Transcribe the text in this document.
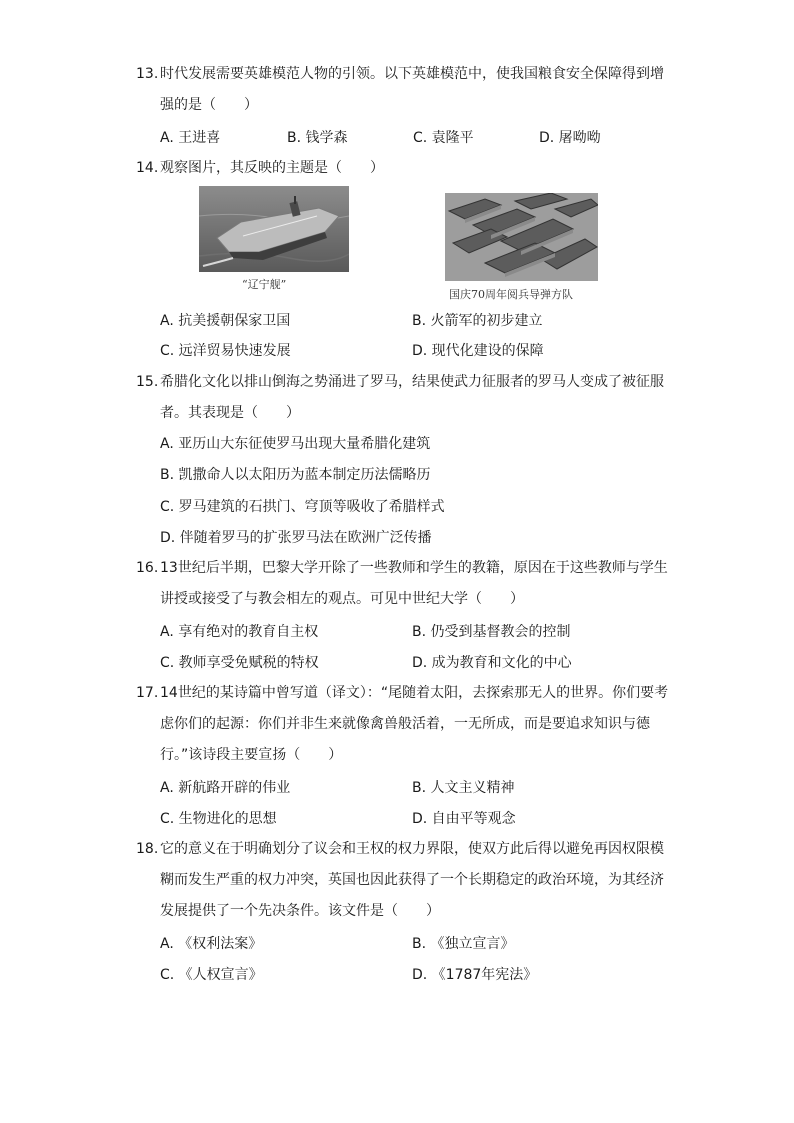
13. 时代发展需要英雄模范人物的引领。以下英雄模范中，使我国粮食安全保障得到增强的是（　　）
A. 王进喜	B. 钱学森	C. 袁隆平	D. 屠呦呦
14. 观察图片，其反映的主题是（　　）
“辽宁舰”
国庆70周年阅兵导弹方队
A. 抗美援朝保家卫国	B. 火箭军的初步建立
C. 远洋贸易快速发展	D. 现代化建设的保障
15. 希腊化文化以排山倒海之势涌进了罗马，结果使武力征服者的罗马人变成了被征服者。其表现是（　　）
A. 亚历山大东征使罗马出现大量希腊化建筑
B. 凯撒命人以太阳历为蓝本制定历法儒略历
C. 罗马建筑的石拱门、穹顶等吸收了希腊样式
D. 伴随着罗马的扩张罗马法在欧洲广泛传播
16. 13世纪后半期，巴黎大学开除了一些教师和学生的教籍，原因在于这些教师与学生讲授或接受了与教会相左的观点。可见中世纪大学（　　）
A. 享有绝对的教育自主权	B. 仍受到基督教会的控制
C. 教师享受免赋税的特权	D. 成为教育和文化的中心
17. 14世纪的某诗篇中曾写道（译文）：“尾随着太阳，去探索那无人的世界。你们要考虑你们的起源：你们并非生来就像禽兽般活着，一无所成，而是要追求知识与德行。”该诗段主要宣扬（　　）
A. 新航路开辟的伟业	B. 人文主义精神
C. 生物进化的思想	D. 自由平等观念
18. 它的意义在于明确划分了议会和王权的权力界限，使双方此后得以避免再因权限模糊而发生严重的权力冲突，英国也因此获得了一个长期稳定的政治环境，为其经济发展提供了一个先决条件。该文件是（　　）
A. 《权利法案》	B. 《独立宣言》
C. 《人权宣言》	D. 《1787年宪法》
